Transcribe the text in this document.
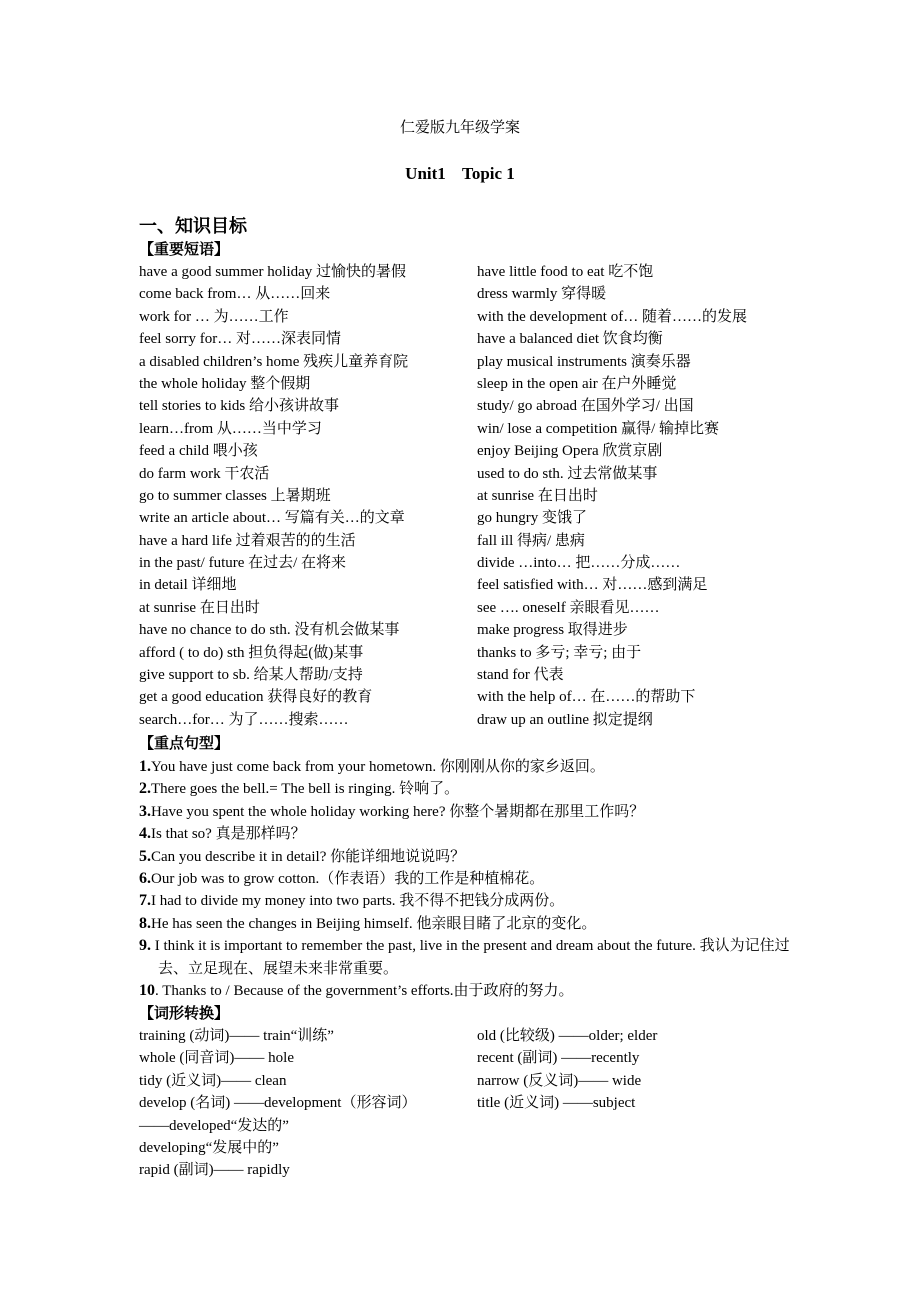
仁爱版九年级学案
Unit1 Topic 1
一、知识目标
【重要短语】
have a good summer holiday 过愉快的暑假	have little food to eat 吃不饱
come back from… 从……回来	dress warmly 穿得暖
work for … 为……工作	with the development of… 随着……的发展
feel sorry for… 对……深表同情	have a balanced diet 饮食均衡
a disabled children’s home 残疾儿童养育院	play musical instruments 演奏乐器
the whole holiday 整个假期	sleep in the open air 在户外睡觉
tell stories to kids 给小孩讲故事	study/ go abroad 在国外学习/ 出国
learn…from 从……当中学习	win/ lose a competition 赢得/ 输掉比赛
feed a child 喂小孩	enjoy Beijing Opera 欣赏京剧
do farm work 干农活	used to do sth. 过去常做某事
go to summer classes 上暑期班	at sunrise 在日出时
write an article about… 写篇有关…的文章	go hungry 变饿了
have a hard life 过着艰苦的的生活	fall ill 得病/ 患病
in the past/ future 在过去/ 在将来	divide …into… 把……分成……
in detail 详细地	feel satisfied with… 对……感到满足
at sunrise 在日出时	see …. oneself 亲眼看见……
have no chance to do sth. 没有机会做某事	make progress 取得进步
afford ( to do) sth 担负得起(做)某事	thanks to 多亏; 幸亏; 由于
give support to sb. 给某人帮助/支持	stand for 代表
get a good education 获得良好的教育	with the help of… 在……的帮助下
search…for… 为了……搜索……	draw up an outline 拟定提纲
【重点句型】
1.You have just come back from your hometown. 你刚刚从你的家乡返回。
2.There goes the bell.= The bell is ringing. 铃响了。
3.Have you spent the whole holiday working here? 你整个暑期都在那里工作吗？
4.Is that so? 真是那样吗？
5.Can you describe it in detail? 你能详细地说说吗？
6.Our job was to grow cotton.（作表语）我的工作是种植棉花。
7.I had to divide my money into two parts. 我不得不把钱分成两份。
8.He has seen the changes in Beijing himself. 他亲眼目睹了北京的变化。
9. I think it is important to remember the past, live in the present and dream about the future. 我认为记住过去、立足现在、展望未来非常重要。
10. Thanks to / Because of the government’s efforts.由于政府的努力。
【词形转换】
training (动词)—— train“训练”	old (比较级) ——older; elder
whole (同音词)—— hole	recent (副词) ——recently
tidy (近义词)—— clean	narrow (反义词)—— wide
develop (名词) ——development（形容词）	title (近义词) ——subject
——developed“发达的”
developing“发展中的”
rapid (副词)—— rapidly
